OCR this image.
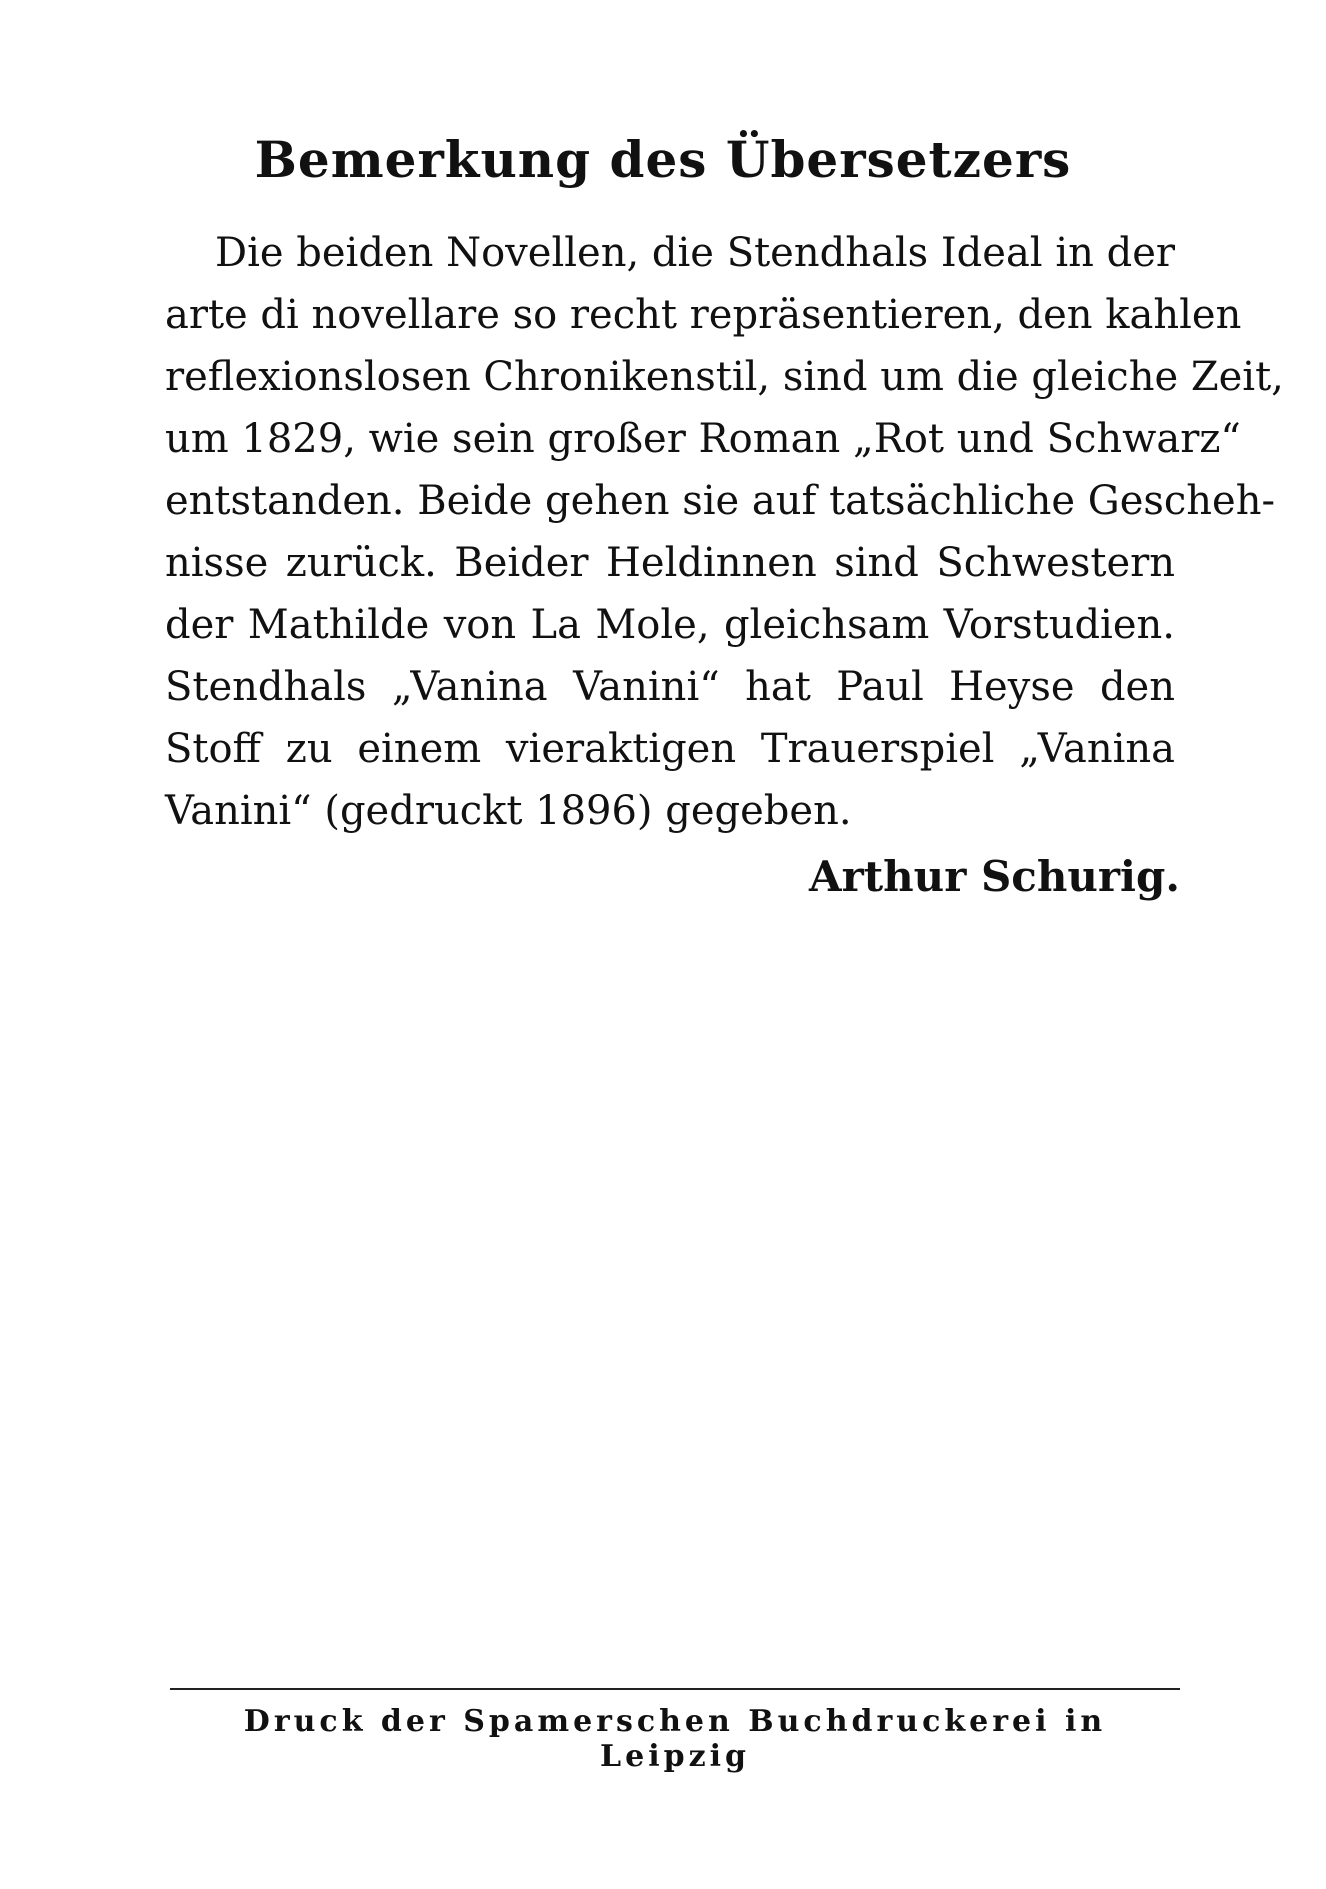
Bemerkung des Übersetzers
Die beiden Novellen, die Stendhals Ideal in der
arte di novellare so recht repräsentieren, den kahlen
reflexionslosen Chronikenstil, sind um die gleiche Zeit,
um 1829, wie sein großer Roman „Rot und Schwarz“
entstanden. Beide gehen sie auf tatsächliche Gescheh-
nisse zurück. Beider Heldinnen sind Schwestern
der Mathilde von La Mole, gleichsam Vorstudien.
Stendhals „Vanina Vanini“ hat Paul Heyse den
Stoff zu einem vieraktigen Trauerspiel „Vanina
Vanini“ (gedruckt 1896) gegeben.
Arthur Schurig.
Druck der Spamerschen Buchdruckerei in Leipzig
